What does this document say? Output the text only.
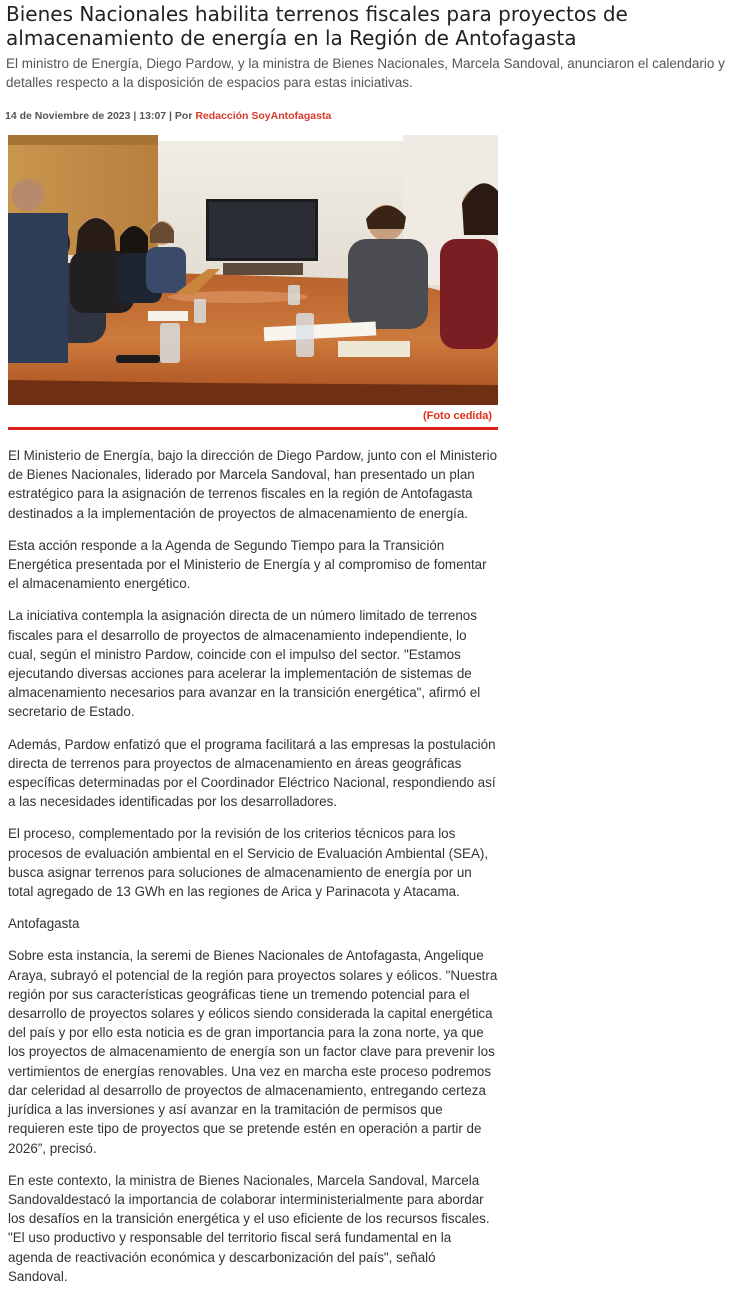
Bienes Nacionales habilita terrenos fiscales para proyectos de almacenamiento de energía en la Región de Antofagasta

El ministro de Energía, Diego Pardow, y la ministra de Bienes Nacionales, Marcela Sandoval, anunciaron el calendario y detalles respecto a la disposición de espacios para estas iniciativas.

14 de Noviembre de 2023 | 13:07 | Por Redacción SoyAntofagasta

(Foto cedida)

El Ministerio de Energía, bajo la dirección de Diego Pardow, junto con el Ministerio de Bienes Nacionales, liderado por Marcela Sandoval, han presentado un plan estratégico para la asignación de terrenos fiscales en la región de Antofagasta destinados a la implementación de proyectos de almacenamiento de energía.

Esta acción responde a la Agenda de Segundo Tiempo para la Transición Energética presentada por el Ministerio de Energía y al compromiso de fomentar el almacenamiento energético.

La iniciativa contempla la asignación directa de un número limitado de terrenos fiscales para el desarrollo de proyectos de almacenamiento independiente, lo cual, según el ministro Pardow, coincide con el impulso del sector. "Estamos ejecutando diversas acciones para acelerar la implementación de sistemas de almacenamiento necesarios para avanzar en la transición energética", afirmó el secretario de Estado.

Además, Pardow enfatizó que el programa facilitará a las empresas la postulación directa de terrenos para proyectos de almacenamiento en áreas geográficas específicas determinadas por el Coordinador Eléctrico Nacional, respondiendo así a las necesidades identificadas por los desarrolladores.

El proceso, complementado por la revisión de los criterios técnicos para los procesos de evaluación ambiental en el Servicio de Evaluación Ambiental (SEA), busca asignar terrenos para soluciones de almacenamiento de energía por un total agregado de 13 GWh en las regiones de Arica y Parinacota y Atacama.

Antofagasta

Sobre esta instancia, la seremi de Bienes Nacionales de Antofagasta, Angelique Araya, subrayó el potencial de la región para proyectos solares y eólicos. "Nuestra región por sus características geográficas tiene un tremendo potencial para el desarrollo de proyectos solares y eólicos siendo considerada la capital energética del país y por ello esta noticia es de gran importancia para la zona norte, ya que los proyectos de almacenamiento de energía son un factor clave para prevenir los vertimientos de energías renovables. Una vez en marcha este proceso podremos dar celeridad al desarrollo de proyectos de almacenamiento, entregando certeza jurídica a las inversiones y así avanzar en la tramitación de permisos que requieren este tipo de proyectos que se pretende estén en operación a partir de 2026”, precisó.

En este contexto, la ministra de Bienes Nacionales, Marcela Sandoval, Marcela Sandovaldestacó la importancia de colaborar interministerialmente para abordar los desafíos en la transición energética y el uso eficiente de los recursos fiscales. "El uso productivo y responsable del territorio fiscal será fundamental en la agenda de reactivación económica y descarbonización del país", señaló Sandoval.
